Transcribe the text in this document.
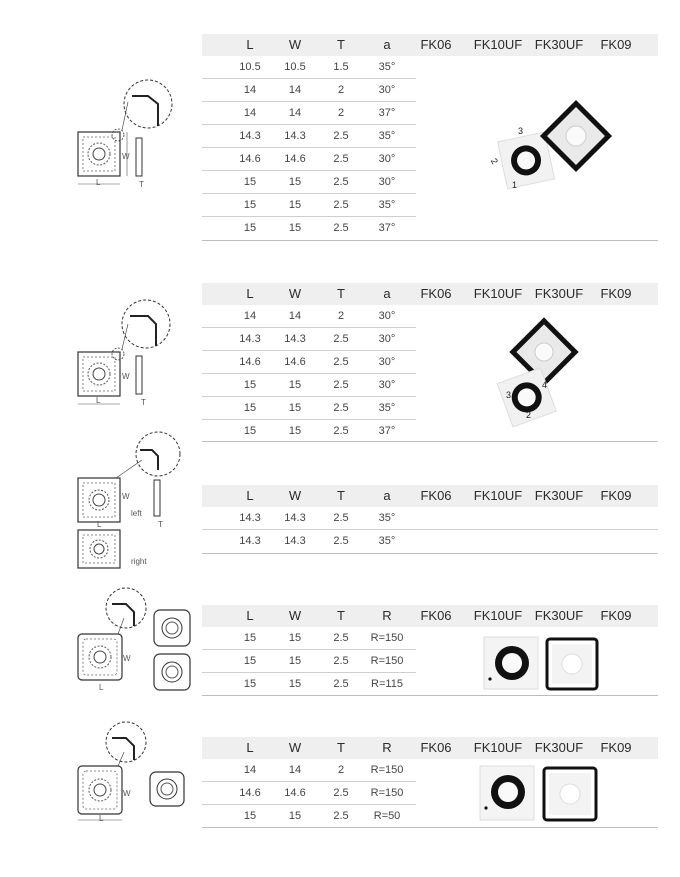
W
L	T
L	W	T	a FK06 FK10UF FK30UF FK09
10.5 10.5	1.5	35°
14	14	2	30°
14	14	2	37°
14.3 14.3	2.5	35°
14.6 14.6	2.5	30°
15	15	2.5	30°
15	15	2.5	35°
15	15	2.5	37°
2
3
1
W
L	T
L	W	T	a FK06 FK10UF FK30UF FK09
14	14	2	30°
14.3 14.3	2.5	30°
14.6 14.6	2.5	30°
15	15	2.5	30°
15	15	2.5	35°
15	15	2.5	37°
3
2
4
W
L	T
left
right
L	W	T	a FK06 FK10UF FK30UF FK09
14.3 14.3	2.5	35°
14.3 14.3	2.5	35°
W
L
L	W	T	R FK06 FK10UF FK30UF FK09
15	15	2.5 R=150
15	15	2.5 R=150
15	15	2.5 R=115
W
L
L	W	T	R FK06 FK10UF FK30UF FK09
14	14	2 R=150
14.6 14.6	2.5 R=150
15	15	2.5 R=50
